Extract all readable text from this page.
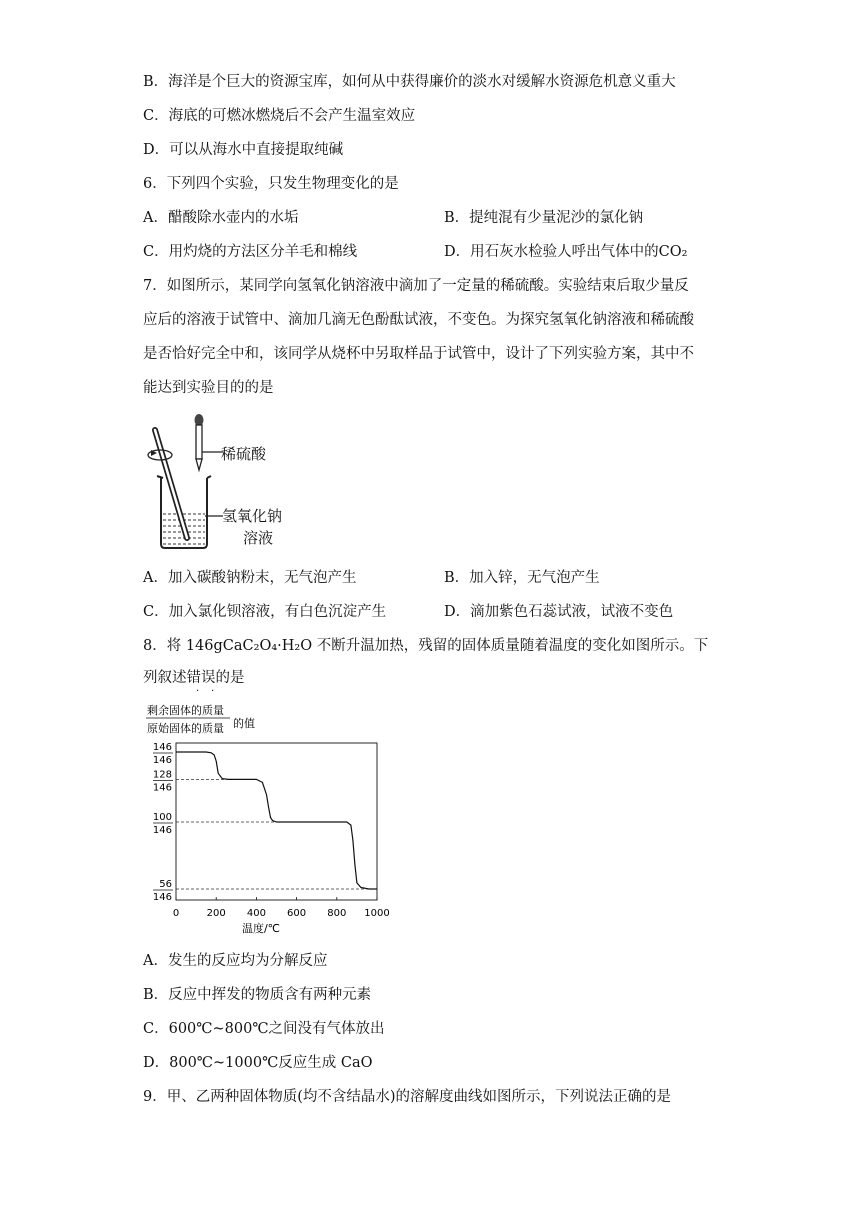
B．海洋是个巨大的资源宝库，如何从中获得廉价的淡水对缓解水资源危机意义重大
C．海底的可燃冰燃烧后不会产生温室效应
D．可以从海水中直接提取纯碱
6．下列四个实验，只发生物理变化的是
A．醋酸除水壶内的水垢	B．提纯混有少量泥沙的氯化钠
C．用灼烧的方法区分羊毛和棉线	D．用石灰水检验人呼出气体中的CO₂
7．如图所示，某同学向氢氧化钠溶液中滴加了一定量的稀硫酸。实验结束后取少量反
应后的溶液于试管中、滴加几滴无色酚酞试液，不变色。为探究氢氧化钠溶液和稀硫酸
是否恰好完全中和，该同学从烧杯中另取样品于试管中，设计了下列实验方案，其中不
能达到实验目的的是
稀硫酸
氢氧化钠
溶液
A．加入碳酸钠粉末，无气泡产生	B．加入锌，无气泡产生
C．加入氯化钡溶液，有白色沉淀产生	D．滴加紫色石蕊试液，试液不变色
8．将 146gCaC₂O₄·H₂O 不断升温加热，残留的固体质量随着温度的变化如图所示。下
列叙述错误的是
· ·
剩余固体的质量
原始固体的质量 的值
146
146
128
146
100
146
56
146
0	200 400 600 800 1000
温度/℃
A．发生的反应均为分解反应
B．反应中挥发的物质含有两种元素
C．600℃~800℃之间没有气体放出
D．800℃~1000℃反应生成 CaO
9．甲、乙两种固体物质(均不含结晶水)的溶解度曲线如图所示，下列说法正确的是
